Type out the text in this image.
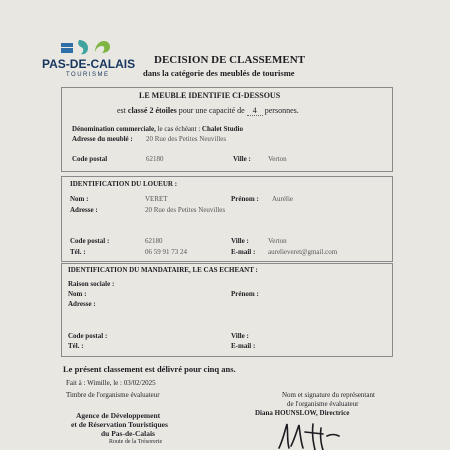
PAS-DE-CALAIS
TOURISME
DECISION DE CLASSEMENT
dans la catégorie des meublés de tourisme
LE MEUBLE IDENTIFIE CI-DESSOUS
est classé 2 étoiles pour une capacité de 4 personnes.
Dénomination commerciale, le cas échéant : Chalet Studio
Adresse du meublé : 20 Rue des Petites Neuvilles
Code postal	62180	Ville : Verton
IDENTIFICATION DU LOUEUR :
Nom :	VERET	Prénom : Aurélie
Adresse :	20 Rue des Petites Neuvilles
Code postal :	62180	Ville :	Verton
Tél. :	06 59 91 73 24	E-mail : aurelieveret@gmail.com
IDENTIFICATION DU MANDATAIRE, LE CAS ECHEANT :
Raison sociale :
Nom :	Prénom :
Adresse :
Code postal :	Ville :
Tél. :	E-mail :
Le présent classement est délivré pour cinq ans.
Fait à : Wimille, le : 03/02/2025
Timbre de l'organisme évaluateur	Nom et signature du représentant
de l'organisme évaluateur
Diana HOUNSLOW, Directrice
Agence de Développement
et de Réservation Touristiques
du Pas-de-Calais
Route de la Trésorerie
